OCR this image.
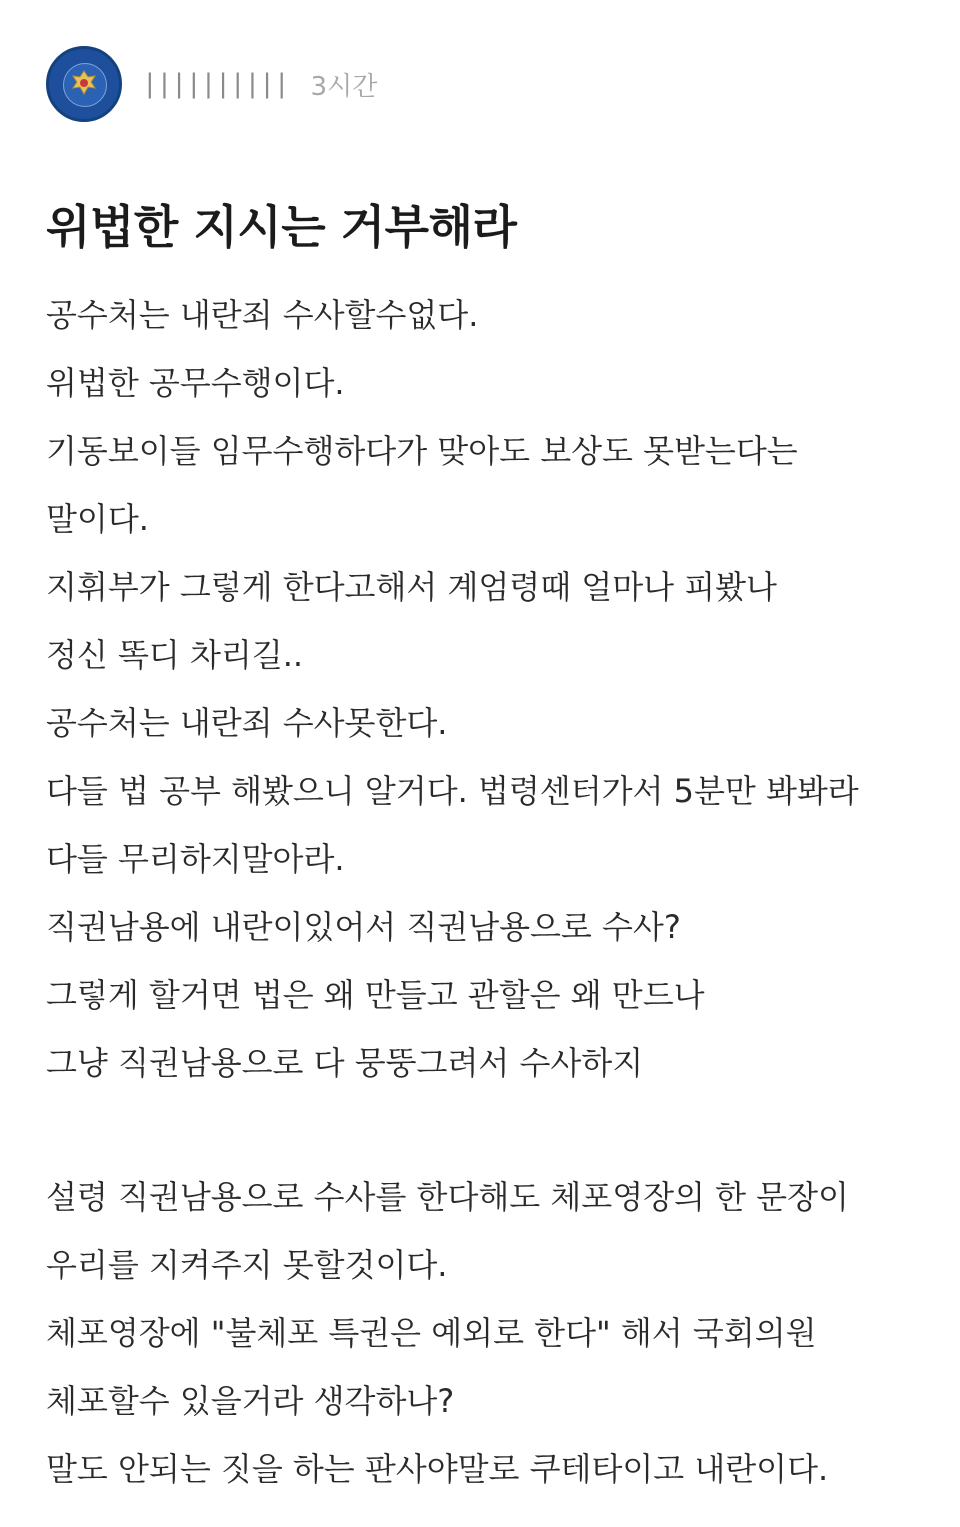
|||||||||| 3시간
위법한 지시는 거부해라
공수처는 내란죄 수사할수없다.
위법한 공무수행이다.
기동보이들 임무수행하다가 맞아도 보상도 못받는다는
말이다.
지휘부가 그렇게 한다고해서 계엄령때 얼마나 피봤나
정신 똑디 차리길..
공수처는 내란죄 수사못한다.
다들 법 공부 해봤으니 알거다. 법령센터가서 5분만 봐봐라
다들 무리하지말아라.
직권남용에 내란이있어서 직권남용으로 수사?
그렇게 할거면 법은 왜 만들고 관할은 왜 만드나
그냥 직권남용으로 다 뭉뚱그려서 수사하지
설령 직권남용으로 수사를 한다해도 체포영장의 한 문장이
우리를 지켜주지 못할것이다.
체포영장에 "불체포 특권은 예외로 한다" 해서 국회의원
체포할수 있을거라 생각하나?
말도 안되는 짓을 하는 판사야말로 쿠테타이고 내란이다.
